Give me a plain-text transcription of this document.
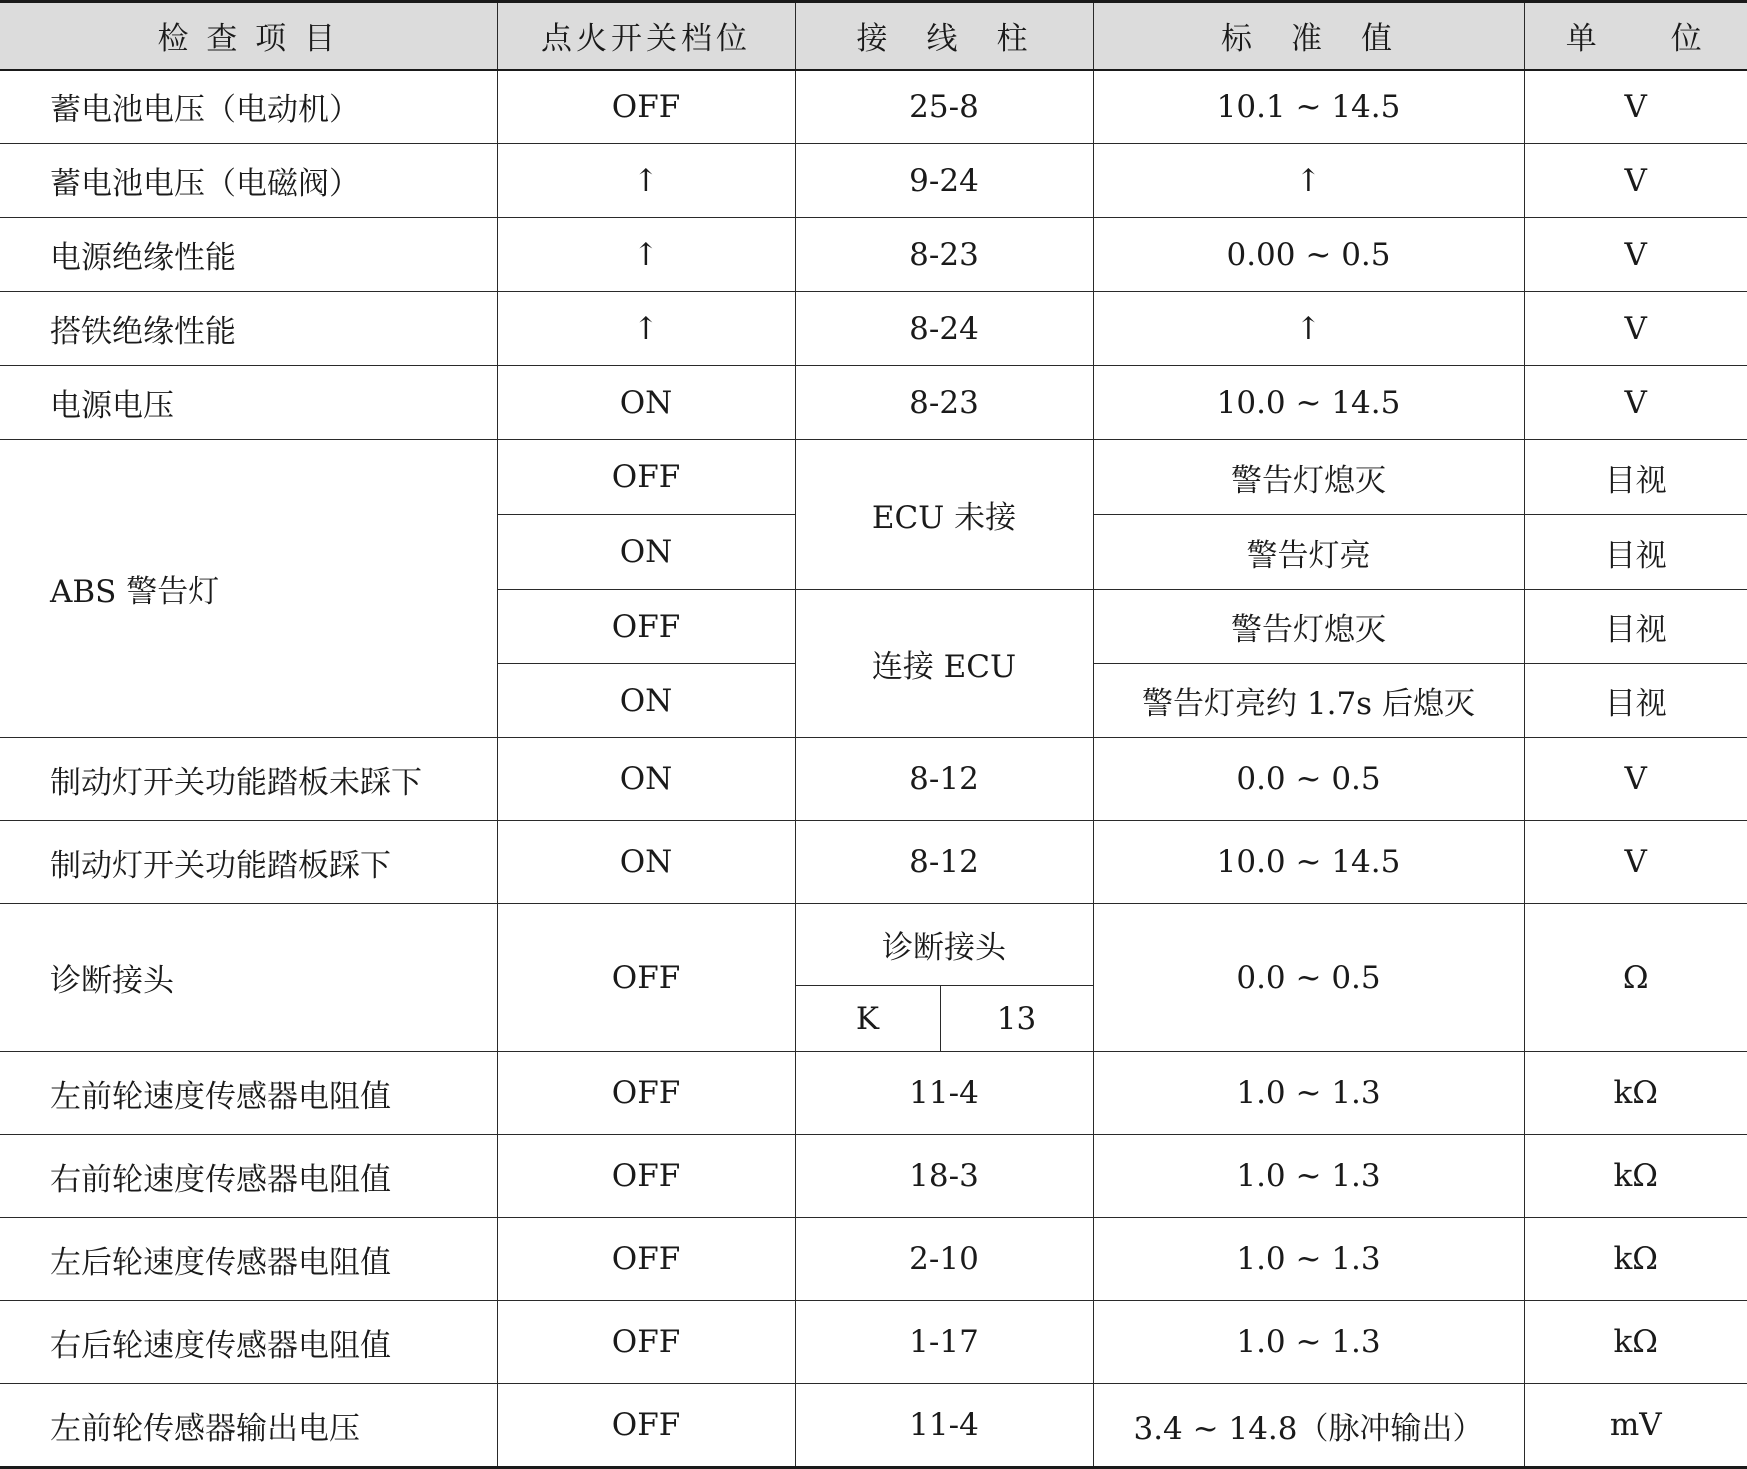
检 查 项 目	点火开关档位	接　线　柱		标　准　值	单　　位
蓄电池电压（电动机）	OFF	25-8		10.1 ~ 14.5	V
蓄电池电压（电磁阀）	↑	9-24		↑	V
电源绝缘性能	↑	8-23		0.00 ~ 0.5	V
搭铁绝缘性能	↑	8-24		↑	V
电源电压	ON	8-23		10.0 ~ 14.5	V
ABS 警告灯	OFF	ECU 未接		警告灯熄灭	目视
	ON			警告灯亮	目视
	OFF	连接 ECU		警告灯熄灭	目视
	ON			警告灯亮约 1.7s 后熄灭	目视
制动灯开关功能踏板未踩下	ON	8-12		0.0 ~ 0.5	V
制动灯开关功能踏板踩下	ON	8-12		10.0 ~ 14.5	V
诊断接头	OFF	诊断接头		0.0 ~ 0.5	Ω
		K	13		
左前轮速度传感器电阻值	OFF	11-4		1.0 ~ 1.3	kΩ
右前轮速度传感器电阻值	OFF	18-3		1.0 ~ 1.3	kΩ
左后轮速度传感器电阻值	OFF	2-10		1.0 ~ 1.3	kΩ
右后轮速度传感器电阻值	OFF	1-17		1.0 ~ 1.3	kΩ
左前轮传感器输出电压	OFF	11-4		3.4 ~ 14.8（脉冲输出）	mV
